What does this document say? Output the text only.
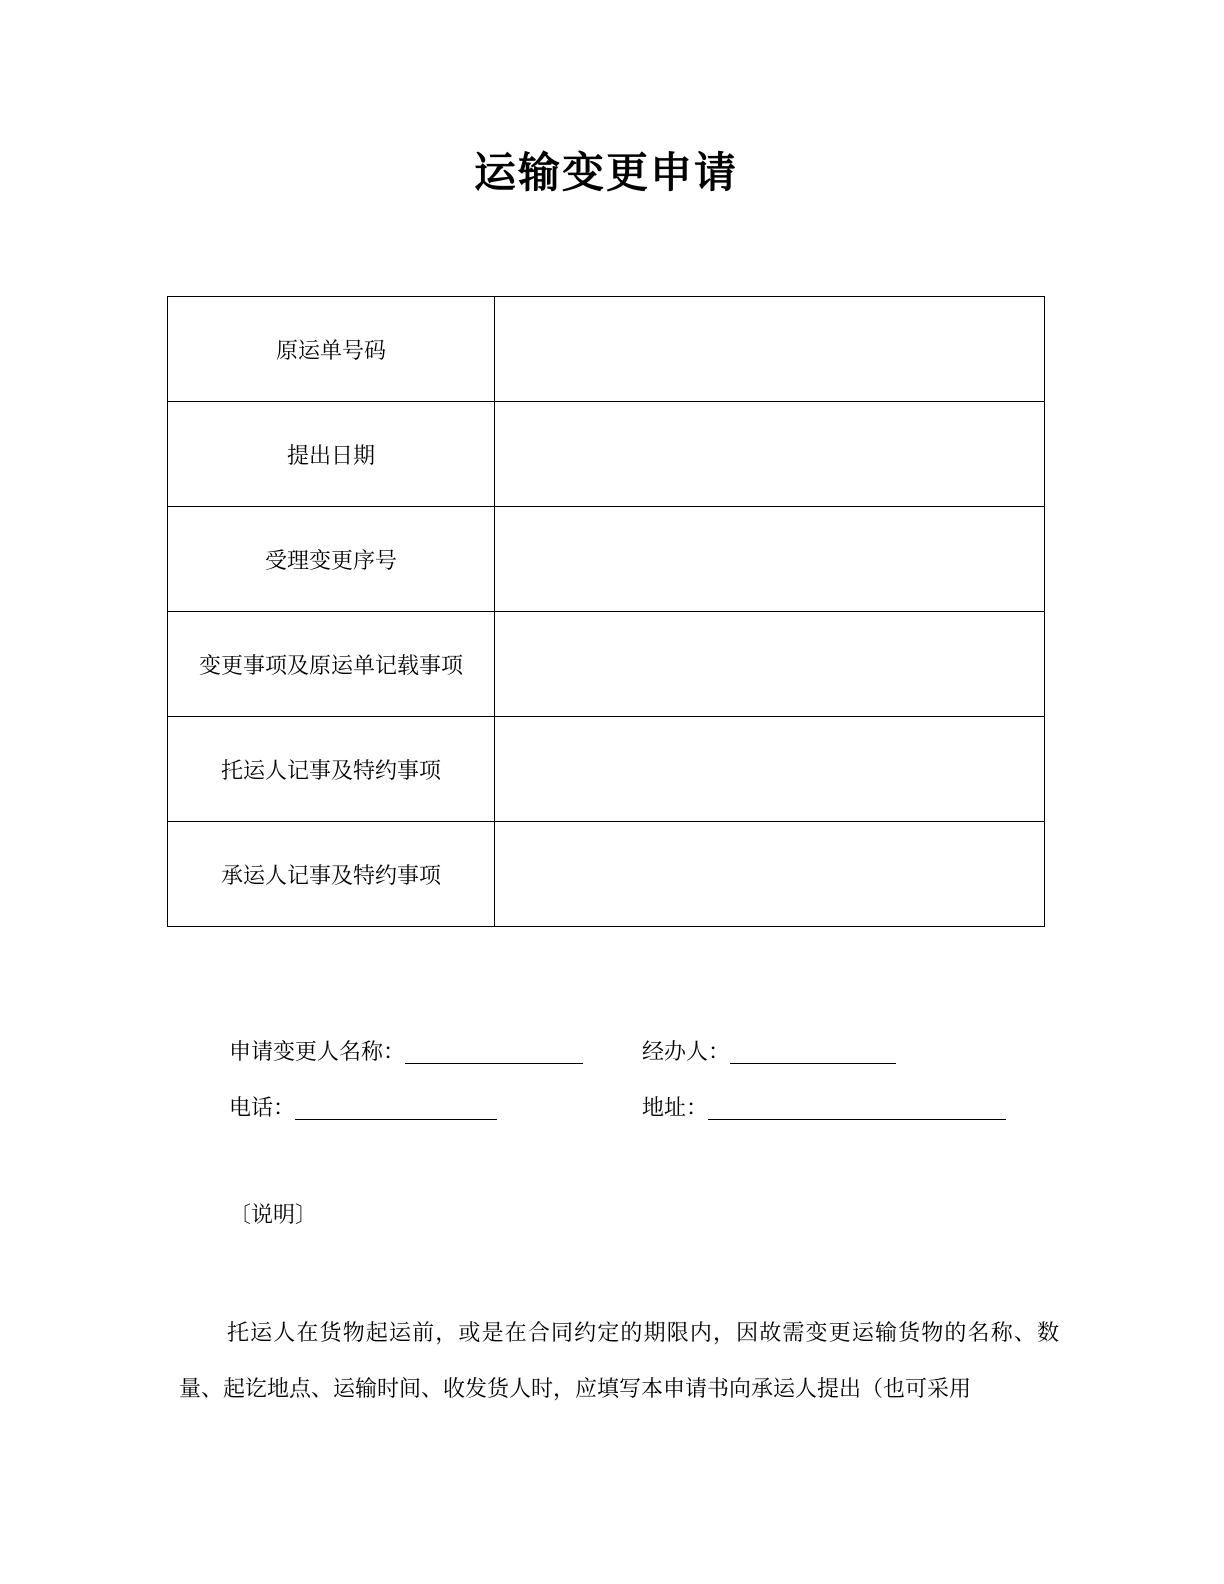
运输变更申请
原运单号码	
提出日期	
受理变更序号	
变更事项及原运单记载事项	
托运人记事及特约事项	
承运人记事及特约事项	
申请变更人名称：	经办人：
电话：	地址：
〔说明〕
托运人在货物起运前，或是在合同约定的期限内，因故需变更运输货物的名称、数量、起讫地点、运输时间、收发货人时，应填写本申请书向承运人提出（也可采用
